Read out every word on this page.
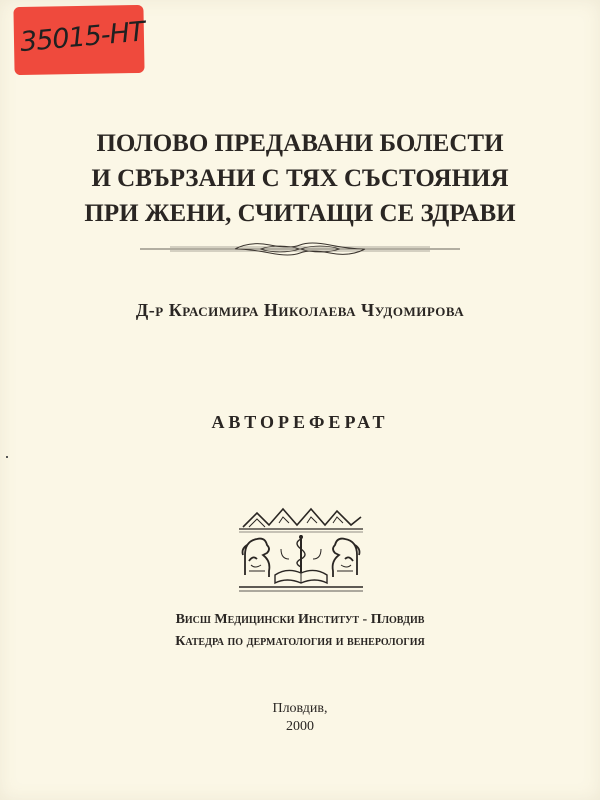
35015-НТ
ПОЛОВО ПРЕДАВАНИ БОЛЕСТИ
И СВЪРЗАНИ С ТЯХ СЪСТОЯНИЯ
ПРИ ЖЕНИ, СЧИТАЩИ СЕ ЗДРАВИ
Д-р Красимира Николаева Чудомирова
АВТОРЕФЕРАТ
Висш Медицински Институт - Пловдив
Катедра по дерматология и венерология
Пловдив,
2000
